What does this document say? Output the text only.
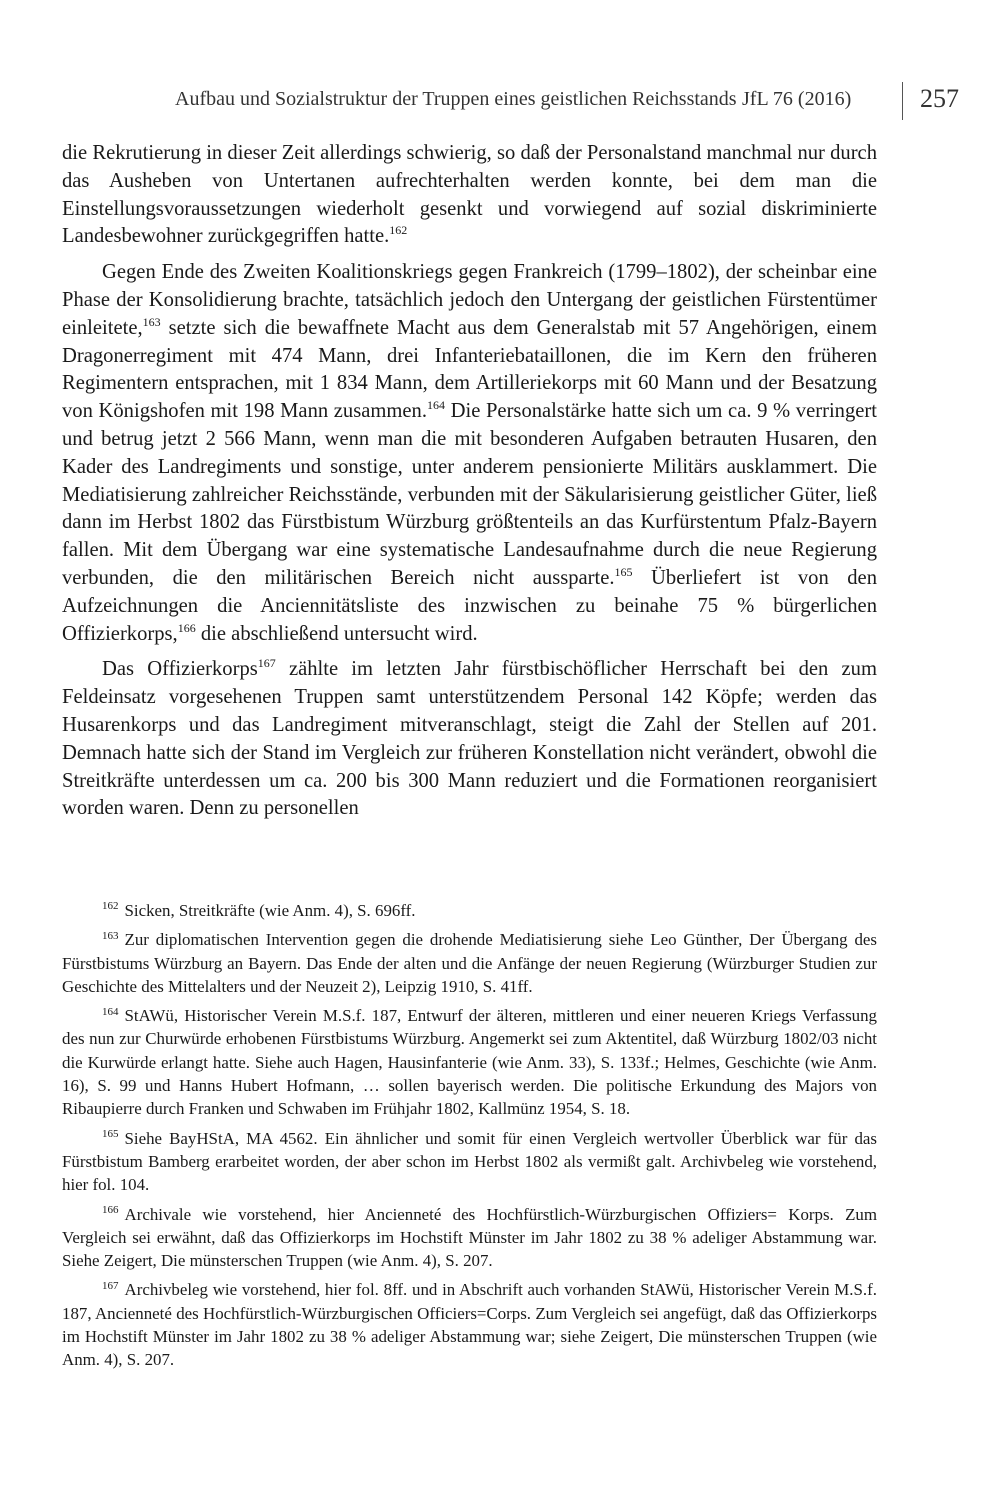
Aufbau und Sozialstruktur der Truppen eines geistlichen Reichsstands JfL 76 (2016)	257

die Rekrutierung in dieser Zeit allerdings schwierig, so daß der Personalstand manchmal nur durch das Ausheben von Untertanen aufrechterhalten werden konnte, bei dem man die Einstellungsvoraussetzungen wiederholt gesenkt und vorwiegend auf sozial diskriminierte Landesbewohner zurückgegriffen hatte.$^{162}$

Gegen Ende des Zweiten Koalitionskriegs gegen Frankreich (1799–1802), der scheinbar eine Phase der Konsolidierung brachte, tatsächlich jedoch den Untergang der geistlichen Fürstentümer einleitete,$^{163}$ setzte sich die bewaffnete Macht aus dem Generalstab mit 57 Angehörigen, einem Dragonerregiment mit 474 Mann, drei Infanteriebataillonen, die im Kern den früheren Regimentern entsprachen, mit 1 834 Mann, dem Artilleriekorps mit 60 Mann und der Besatzung von Königshofen mit 198 Mann zusammen.$^{164}$ Die Personalstärke hatte sich um ca. 9 % verringert und betrug jetzt 2 566 Mann, wenn man die mit besonderen Aufgaben betrauten Husaren, den Kader des Landregiments und sonstige, unter anderem pensionierte Militärs ausklammert. Die Mediatisierung zahlreicher Reichsstände, verbunden mit der Säkularisierung geistlicher Güter, ließ dann im Herbst 1802 das Fürstbistum Würzburg größtenteils an das Kurfürstentum Pfalz-Bayern fallen. Mit dem Übergang war eine systematische Landesaufnahme durch die neue Regierung verbunden, die den militärischen Bereich nicht aussparte.$^{165}$ Überliefert ist von den Aufzeichnungen die Anciennitätsliste des inzwischen zu beinahe 75 % bürgerlichen Offizierkorps,$^{166}$ die abschließend untersucht wird.

Das Offizierkorps$^{167}$ zählte im letzten Jahr fürstbischöflicher Herrschaft bei den zum Feldeinsatz vorgesehenen Truppen samt unterstützendem Personal 142 Köpfe; werden das Husarenkorps und das Landregiment mitveranschlagt, steigt die Zahl der Stellen auf 201. Demnach hatte sich der Stand im Vergleich zur früheren Konstellation nicht verändert, obwohl die Streitkräfte unterdessen um ca. 200 bis 300 Mann reduziert und die Formationen reorganisiert worden waren. Denn zu personellen

$^{162}$ Sicken, Streitkräfte (wie Anm. 4), S. 696ff.

$^{163}$ Zur diplomatischen Intervention gegen die drohende Mediatisierung siehe Leo Günther, Der Übergang des Fürstbistums Würzburg an Bayern. Das Ende der alten und die Anfänge der neuen Regierung (Würzburger Studien zur Geschichte des Mittelalters und der Neuzeit 2), Leipzig 1910, S. 41ff.

$^{164}$ StAWü, Historischer Verein M.S.f. 187, Entwurf der älteren, mittleren und einer neueren Kriegs Verfassung des nun zur Churwürde erhobenen Fürstbistums Würzburg. Angemerkt sei zum Aktentitel, daß Würzburg 1802/03 nicht die Kurwürde erlangt hatte. Siehe auch Hagen, Hausinfanterie (wie Anm. 33), S. 133f.; Helmes, Geschichte (wie Anm. 16), S. 99 und Hanns Hubert Hofmann, … sollen bayerisch werden. Die politische Erkundung des Majors von Ribaupierre durch Franken und Schwaben im Frühjahr 1802, Kallmünz 1954, S. 18.

$^{165}$ Siehe BayHStA, MA 4562. Ein ähnlicher und somit für einen Vergleich wertvoller Überblick war für das Fürstbistum Bamberg erarbeitet worden, der aber schon im Herbst 1802 als vermißt galt. Archivbeleg wie vorstehend, hier fol. 104.

$^{166}$ Archivale wie vorstehend, hier Ancienneté des Hochfürstlich-Würzburgischen Offiziers= Korps. Zum Vergleich sei erwähnt, daß das Offizierkorps im Hochstift Münster im Jahr 1802 zu 38 % adeliger Abstammung war. Siehe Zeigert, Die münsterschen Truppen (wie Anm. 4), S. 207.

$^{167}$ Archivbeleg wie vorstehend, hier fol. 8ff. und in Abschrift auch vorhanden StAWü, Historischer Verein M.S.f. 187, Ancienneté des Hochfürstlich-Würzburgischen Officiers=Corps. Zum Vergleich sei angefügt, daß das Offizierkorps im Hochstift Münster im Jahr 1802 zu 38 % adeliger Abstammung war; siehe Zeigert, Die münsterschen Truppen (wie Anm. 4), S. 207.
